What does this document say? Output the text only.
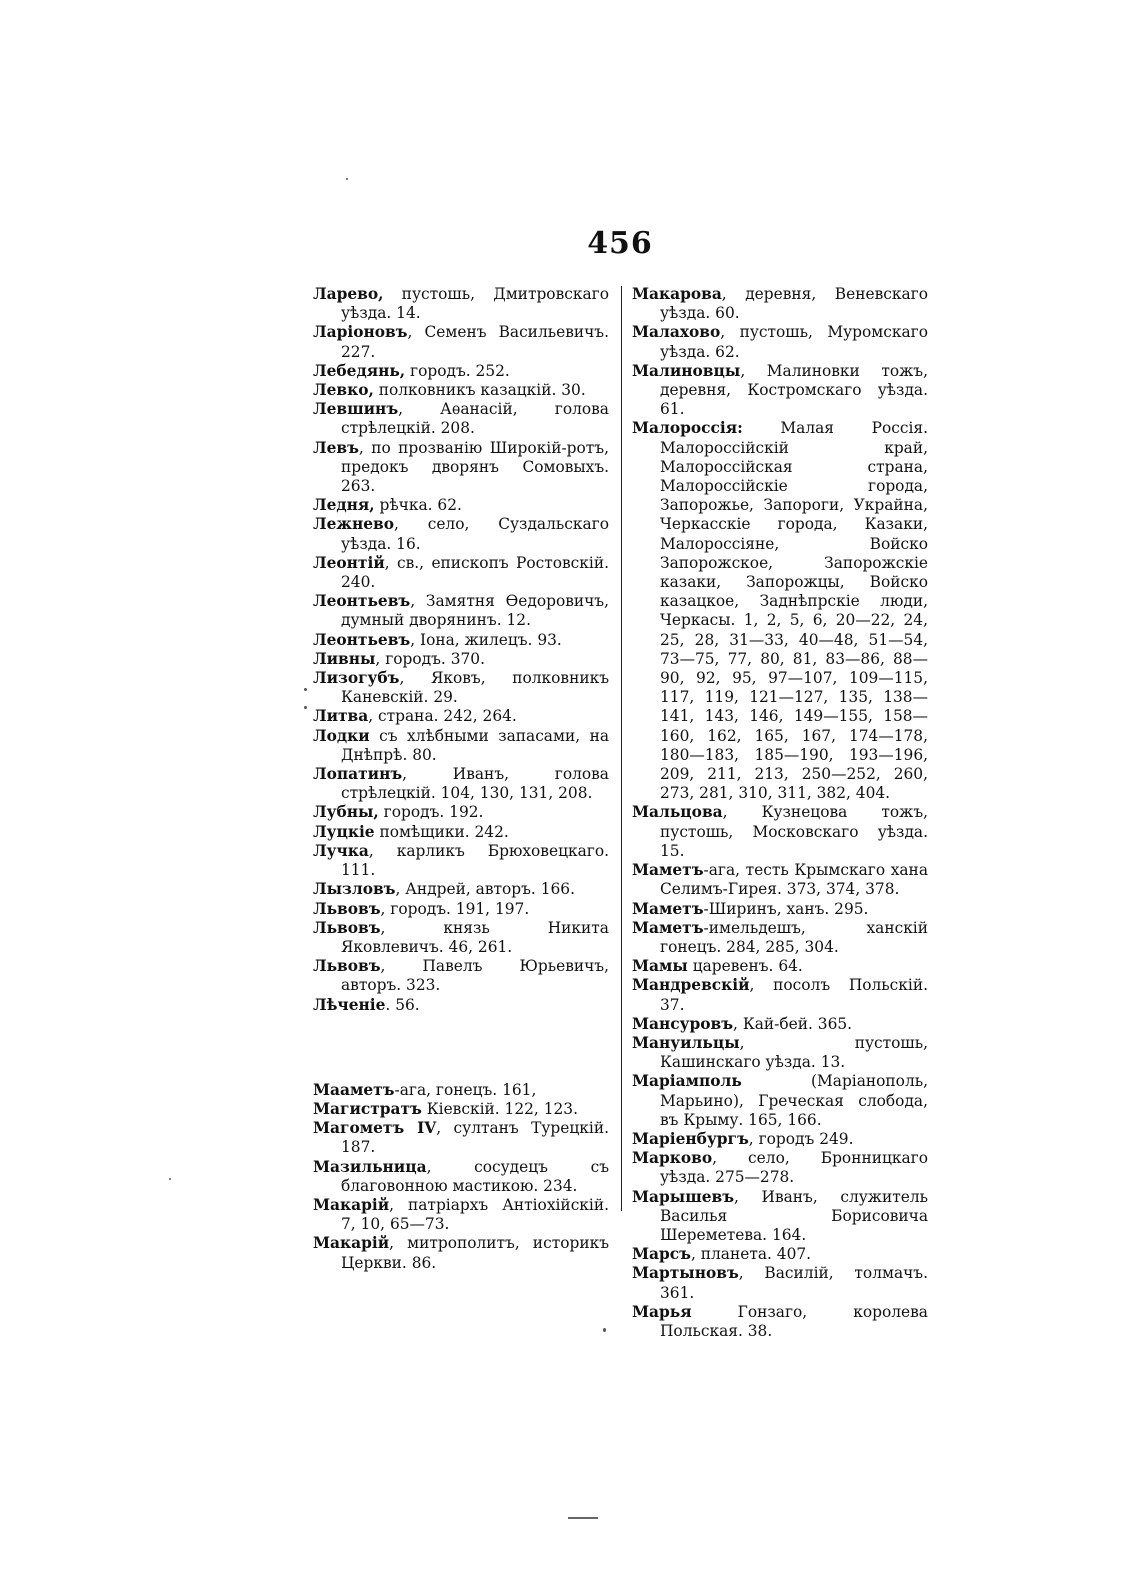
456
Ларево, пустошь, Дмитровскаго уѣзда. 14.
Ларіоновъ, Семенъ Васильевичъ. 227.
Лебедянь, городъ. 252.
Левко, полковникъ казацкій. 30.
Левшинъ, Аѳанасій, голова стрѣлецкій. 208.
Левъ, по прозванію Широкій-ротъ, предокъ дворянъ Сомовыхъ. 263.
Ледня, рѣчка. 62.
Лежнево, село, Суздальскаго уѣзда. 16.
Леонтій, св., епископъ Ростовскій. 240.
Леонтьевъ, Замятня Ѳедоровичъ, думный дворянинъ. 12.
Леонтьевъ, Іона, жилецъ. 93.
Ливны, городъ. 370.
Лизогубъ, Яковъ, полковникъ Каневскій. 29.
Литва, страна. 242, 264.
Лодки съ хлѣбными запасами, на Днѣпрѣ. 80.
Лопатинъ, Иванъ, голова стрѣлецкій. 104, 130, 131, 208.
Лубны, городъ. 192.
Луцкіе помѣщики. 242.
Лучка, карликъ Брюховецкаго. 111.
Лызловъ, Андрей, авторъ. 166.
Львовъ, городъ. 191, 197.
Львовъ, князь Никита Яковлевичъ. 46, 261.
Львовъ, Павелъ Юрьевичъ, авторъ. 323.
Лѣченіе. 56.
Мааметъ-ага, гонецъ. 161,
Магистратъ Кіевскій. 122, 123.
Магометъ IV, султанъ Турецкій. 187.
Мазильница, сосудецъ съ благовонною мастикою. 234.
Макарій, патріархъ Антіохійскій. 7, 10, 65—73.
Макарій, митрополитъ, историкъ Церкви. 86.
Макарова, деревня, Веневскаго уѣзда. 60.
Малахово, пустошь, Муромскаго уѣзда. 62.
Малиновцы, Малиновки тожъ, деревня, Костромскаго уѣзда. 61.
Малороссія: Малая Россія. Малороссійскій край, Малороссійская страна, Малороссійскіе города, Запорожье, Запороги, Украйна, Черкасскіе города, Казаки, Малороссіяне, Войско Запорожское, Запорожскіе казаки, Запорожцы, Войско казацкое, Заднѣпрскіе люди, Черкасы. 1, 2, 5, 6, 20—22, 24, 25, 28, 31—33, 40—48, 51—54, 73—75, 77, 80, 81, 83—86, 88—90, 92, 95, 97—107, 109—115, 117, 119, 121—127, 135, 138—141, 143, 146, 149—155, 158—160, 162, 165, 167, 174—178, 180—183, 185—190, 193—196, 209, 211, 213, 250—252, 260, 273, 281, 310, 311, 382, 404.
Мальцова, Кузнецова тожъ, пустошь, Московскаго уѣзда. 15.
Маметъ-ага, тесть Крымскаго хана Селимъ-Гирея. 373, 374, 378.
Маметъ-Ширинъ, ханъ. 295.
Маметъ-имельдешъ, ханскій гонецъ. 284, 285, 304.
Мамы царевенъ. 64.
Мандревскій, посолъ Польскій. 37.
Мансуровъ, Кай-бей. 365.
Мануильцы, пустошь, Кашинскаго уѣзда. 13.
Маріамполь (Маріанополь, Марьино), Греческая слобода, въ Крыму. 165, 166.
Маріенбургъ, городъ 249.
Марково, село, Бронницкаго уѣзда. 275—278.
Марышевъ, Иванъ, служитель Василья Борисовича Шереметева. 164.
Марсъ, планета. 407.
Мартыновъ, Василій, толмачъ. 361.
Марья Гонзаго, королева Польская. 38.
